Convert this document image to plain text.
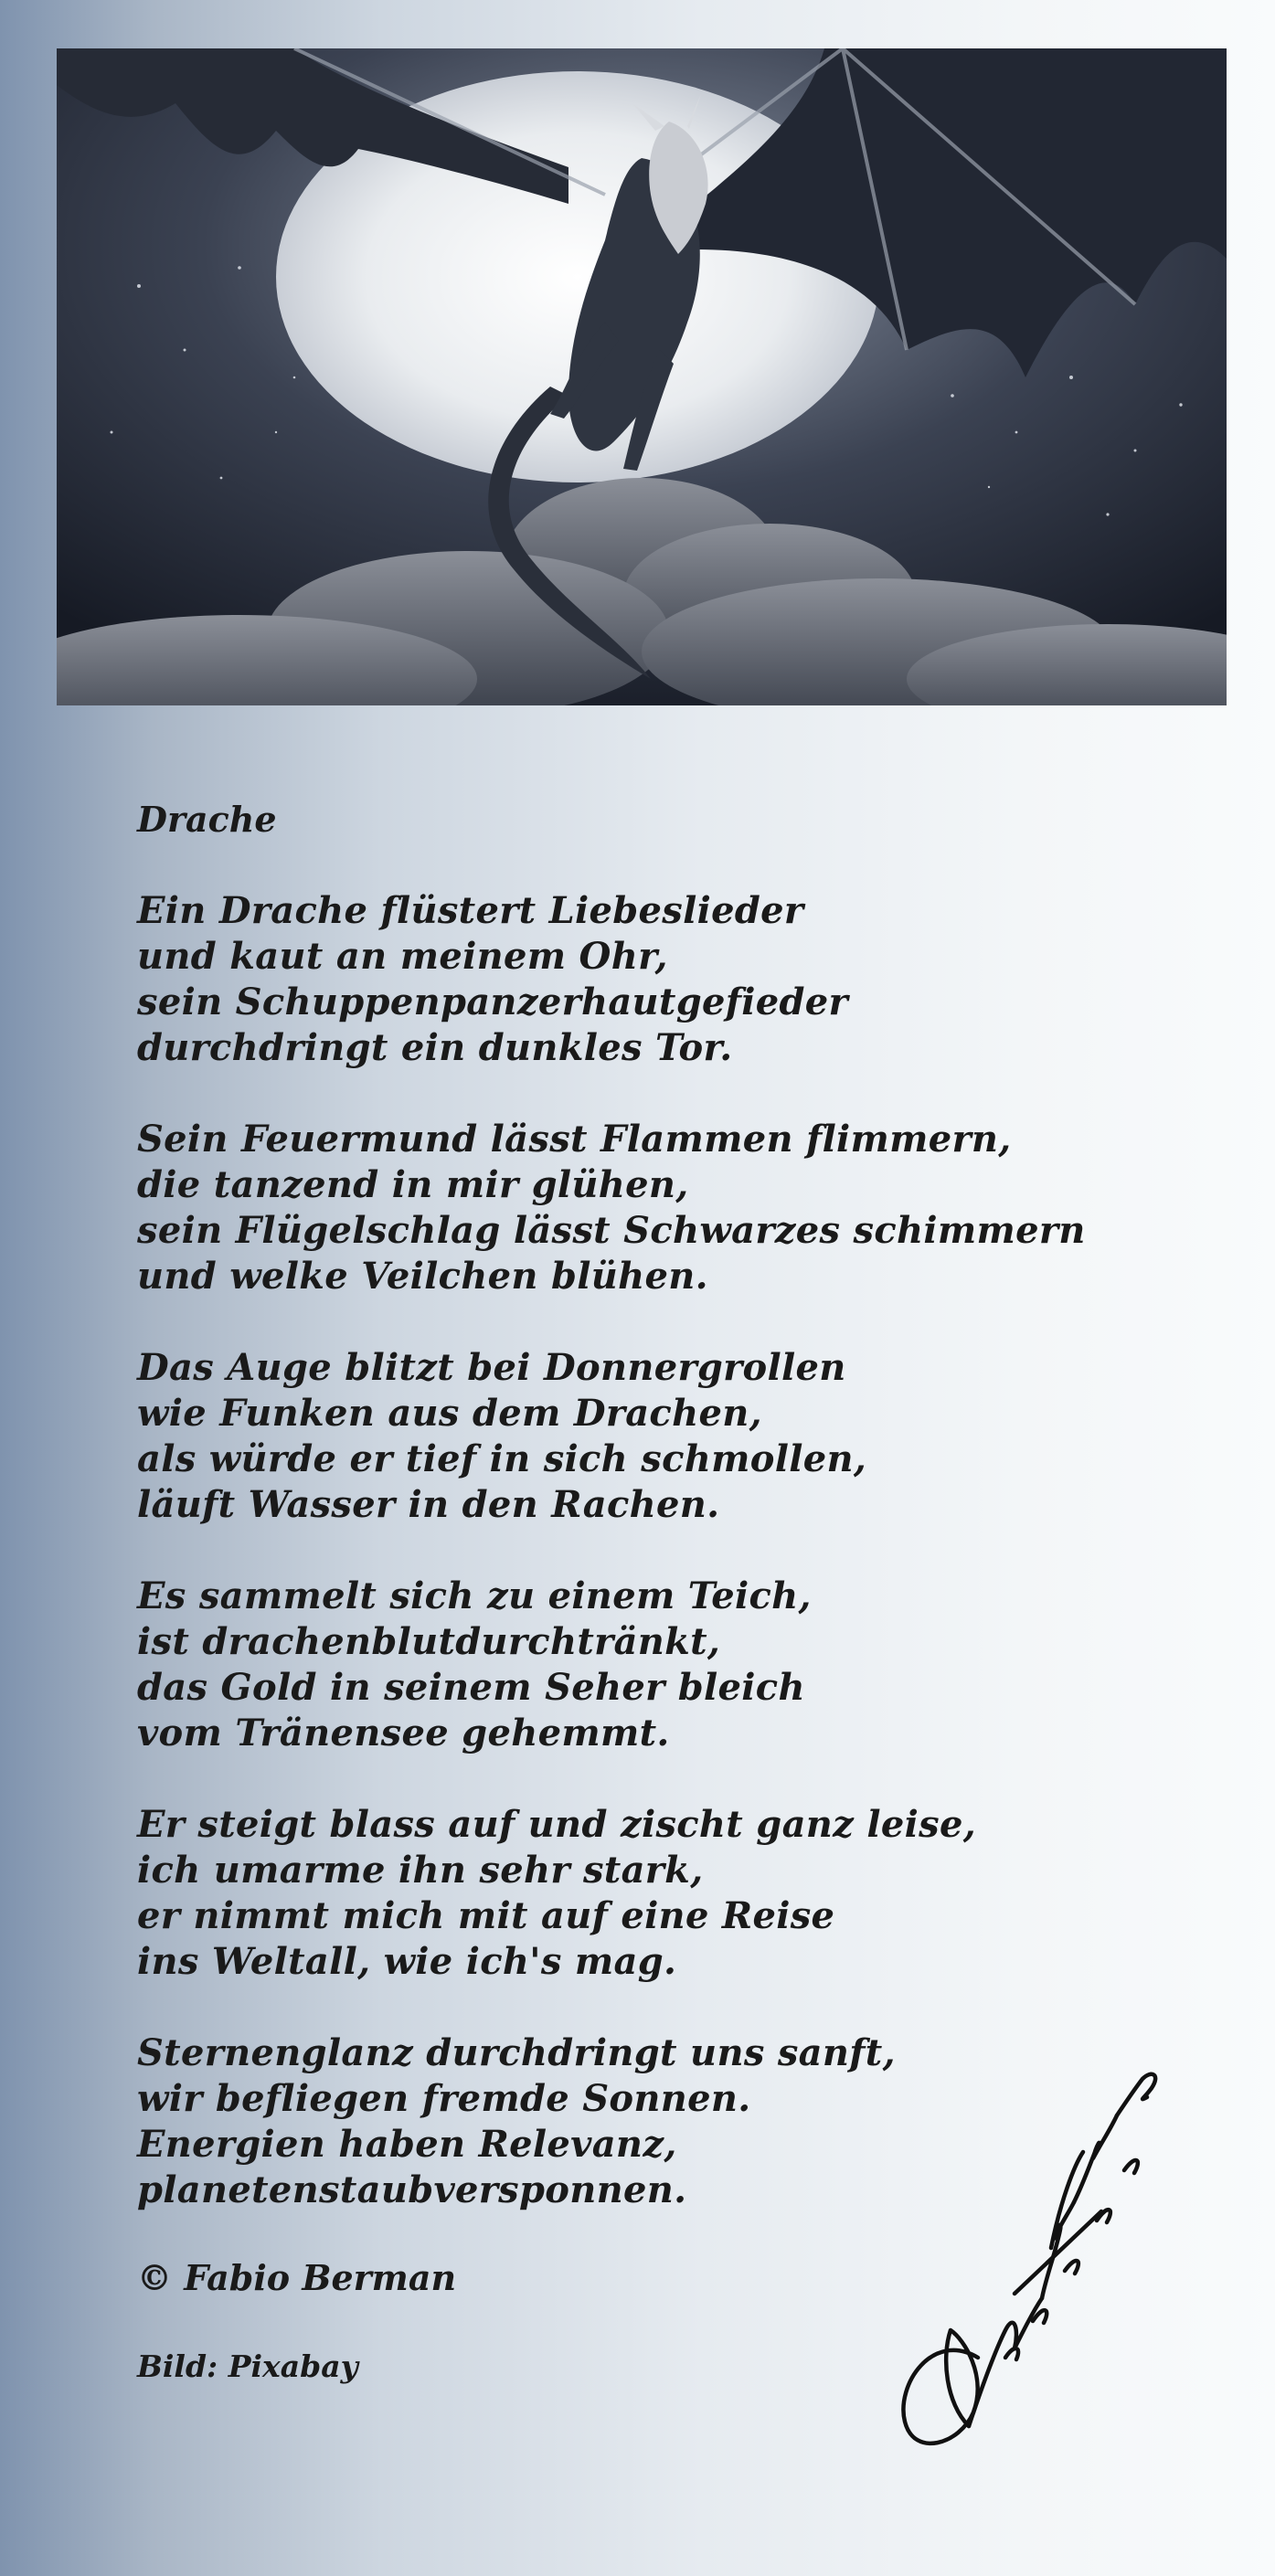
Drache
Ein Drache flüstert Liebeslieder
und kaut an meinem Ohr,
sein Schuppenpanzerhautgefieder
durchdringt ein dunkles Tor.
Sein Feuermund lässt Flammen flimmern,
die tanzend in mir glühen,
sein Flügelschlag lässt Schwarzes schimmern
und welke Veilchen blühen.
Das Auge blitzt bei Donnergrollen
wie Funken aus dem Drachen,
als würde er tief in sich schmollen,
läuft Wasser in den Rachen.
Es sammelt sich zu einem Teich,
ist drachenblutdurchtränkt,
das Gold in seinem Seher bleich
vom Tränensee gehemmt.
Er steigt blass auf und zischt ganz leise,
ich umarme ihn sehr stark,
er nimmt mich mit auf eine Reise
ins Weltall, wie ich's mag.
Sternenglanz durchdringt uns sanft,
wir befliegen fremde Sonnen.
Energien haben Relevanz,
planetenstaubversponnen.
© Fabio Berman
Bild: Pixabay
